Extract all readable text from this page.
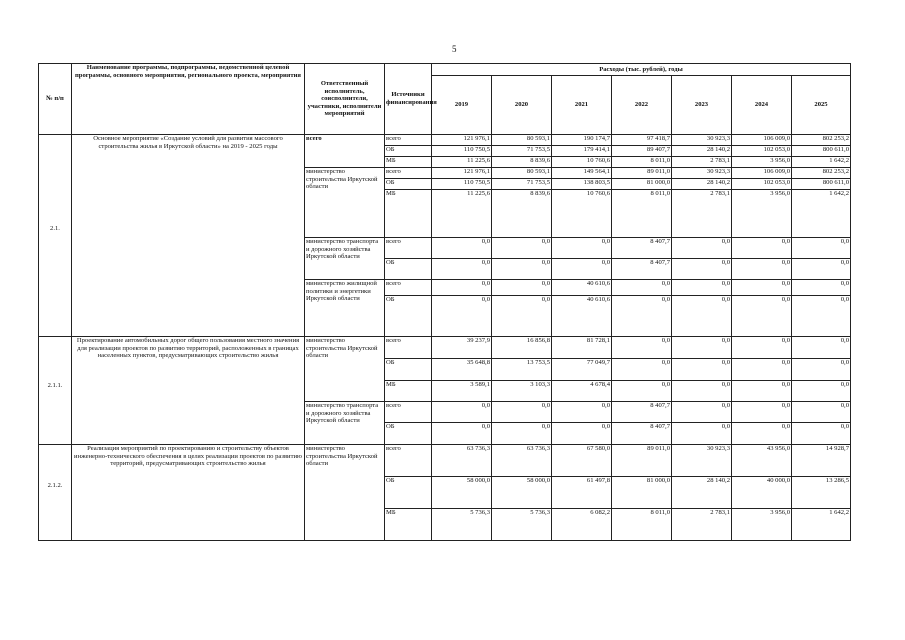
5
№ п/п	Наименование программы, подпрограммы, ведомственной целевой программы, основного мероприятия, регионального проекта, мероприятия	Ответственный исполнитель, соисполнители, участники, исполнители мероприятий	Источники финансирования	Расходы (тыс. рублей), годы						
				2019	2020	2021	2022	2023	2024	2025
2.1.	Основное мероприятие «Создание условий для развития массового строительства жилья в Иркутской области» на 2019 - 2025 годы	всего	всего	121 976,1	80 593,1	190 174,7	97 418,7	30 923,3	106 009,0	802 253,2
			ОБ	110 750,5	71 753,5	179 414,1	89 407,7	28 140,2	102 053,0	800 611,0
			МБ	11 225,6	8 839,6	10 760,6	8 011,0	2 783,1	3 956,0	1 642,2
		министерство строительства Иркутской области	всего	121 976,1	80 593,1	149 564,1	89 011,0	30 923,3	106 009,0	802 253,2
			ОБ	110 750,5	71 753,5	138 803,5	81 000,0	28 140,2	102 053,0	800 611,0
			МБ	11 225,6	8 839,6	10 760,6	8 011,0	2 783,1	3 956,0	1 642,2
		министерство транспорта и дорожного хозяйства Иркутской области	всего	0,0	0,0	0,0	8 407,7	0,0	0,0	0,0
			ОБ	0,0	0,0	0,0	8 407,7	0,0	0,0	0,0
		министерство жилищной политики и энергетики Иркутской области	всего	0,0	0,0	40 610,6	0,0	0,0	0,0	0,0
			ОБ	0,0	0,0	40 610,6	0,0	0,0	0,0	0,0
2.1.1.	Проектирование автомобильных дорог общего пользования местного значения для реализации проектов по развитию территорий, расположенных в границах населенных пунктов, предусматривающих строительство жилья	министерство строительства Иркутской области	всего	39 237,9	16 856,8	81 728,1	0,0	0,0	0,0	0,0
			ОБ	35 648,8	13 753,5	77 049,7	0,0	0,0	0,0	0,0
			МБ	3 589,1	3 103,3	4 678,4	0,0	0,0	0,0	0,0
		министерство транспорта и дорожного хозяйства Иркутской области	всего	0,0	0,0	0,0	8 407,7	0,0	0,0	0,0
			ОБ	0,0	0,0	0,0	8 407,7	0,0	0,0	0,0
2.1.2.	Реализация мероприятий по проектированию и строительству объектов инженерно-технического обеспечения в целях реализации проектов по развитию территорий, предусматривающих строительство жилья	министерство строительства Иркутской области	всего	63 736,3	63 736,3	67 580,0	89 011,0	30 923,3	43 956,0	14 928,7
			ОБ	58 000,0	58 000,0	61 497,8	81 000,0	28 140,2	40 000,0	13 286,5
			МБ	5 736,3	5 736,3	6 082,2	8 011,0	2 783,1	3 956,0	1 642,2
